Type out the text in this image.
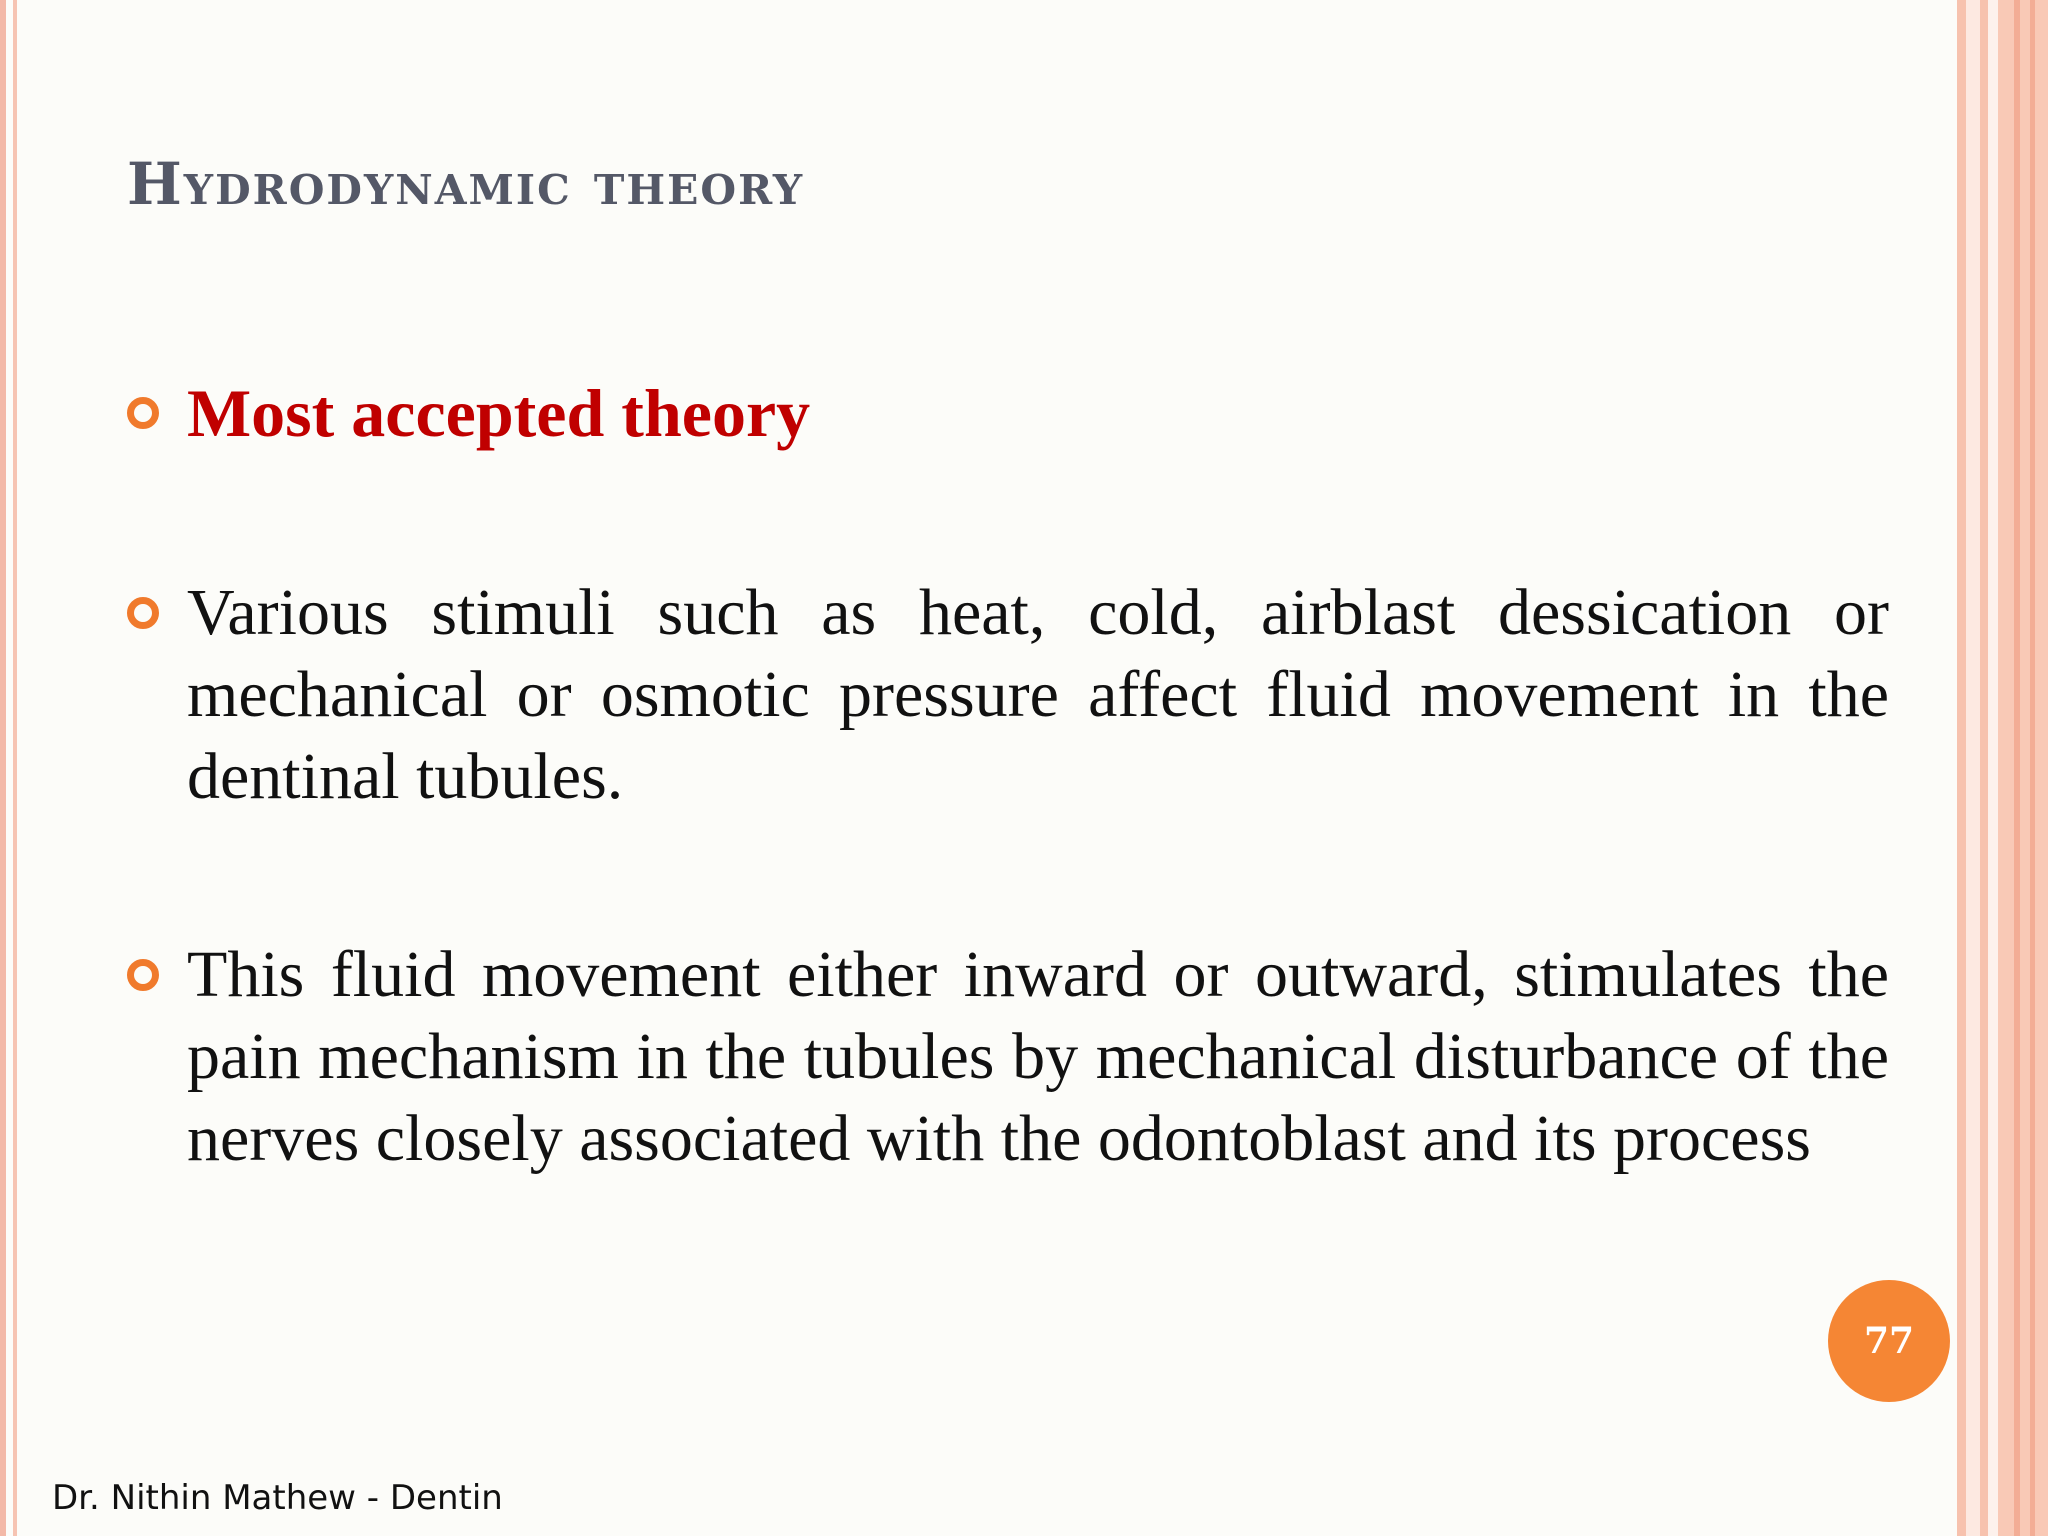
Hydrodynamic theory
Most accepted theory
Various stimuli such as heat, cold, airblast dessication or mechanical or osmotic pressure affect fluid movement in the dentinal tubules.
This fluid movement either inward or outward, stimulates the pain mechanism in the tubules by mechanical disturbance of the nerves closely associated with the odontoblast and its process
77
Dr. Nithin Mathew - Dentin
